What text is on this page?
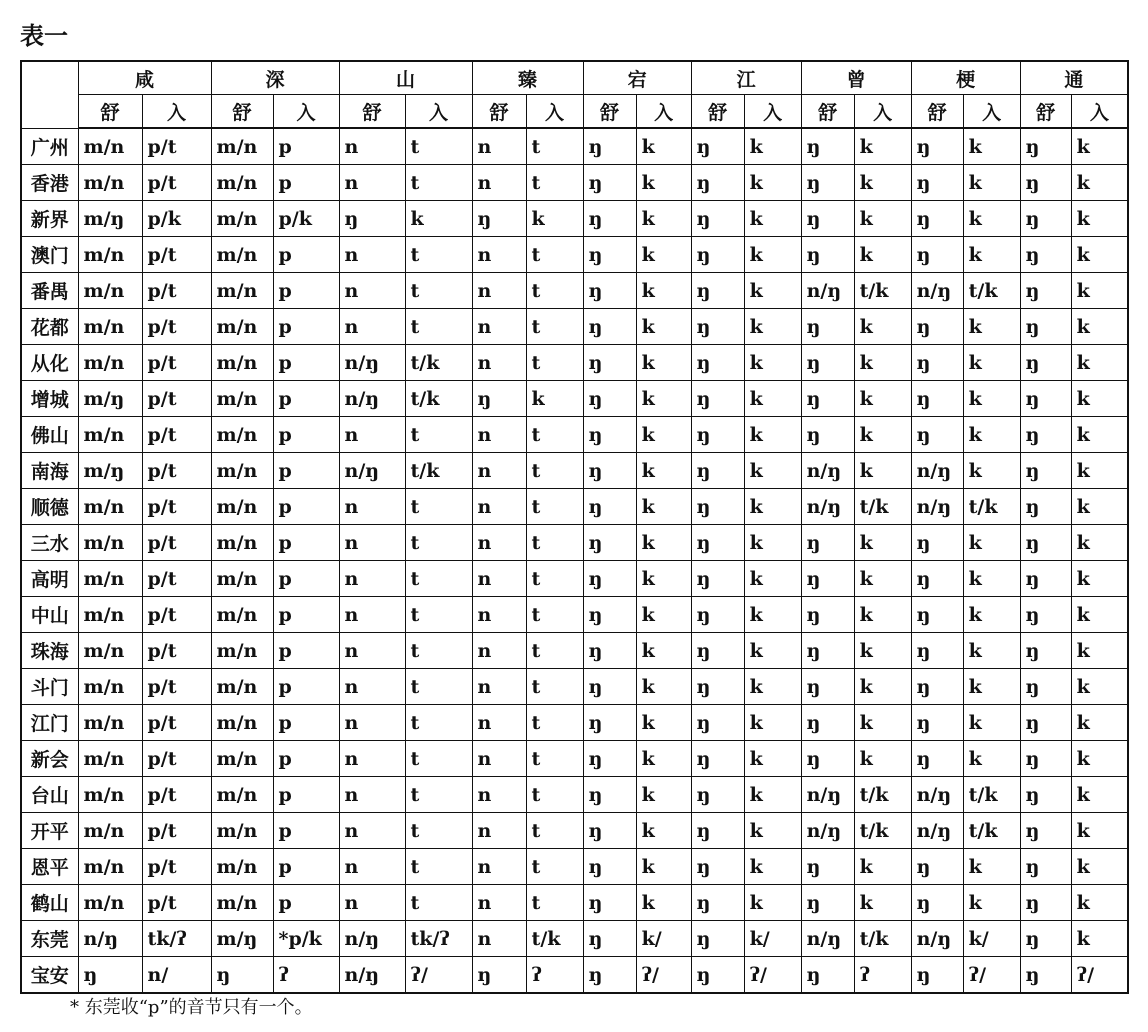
表一
	咸		深		山		臻		宕		江		曾		梗		通	
	舒	入	舒	入	舒	入	舒	入	舒	入	舒	入	舒	入	舒	入	舒	入
广州	m/n	p/t	m/n	p	n	t	n	t	ŋ	k	ŋ	k	ŋ	k	ŋ	k	ŋ	k
香港	m/n	p/t	m/n	p	n	t	n	t	ŋ	k	ŋ	k	ŋ	k	ŋ	k	ŋ	k
新界	m/ŋ	p/k	m/n	p/k	ŋ	k	ŋ	k	ŋ	k	ŋ	k	ŋ	k	ŋ	k	ŋ	k
澳门	m/n	p/t	m/n	p	n	t	n	t	ŋ	k	ŋ	k	ŋ	k	ŋ	k	ŋ	k
番禺	m/n	p/t	m/n	p	n	t	n	t	ŋ	k	ŋ	k	n/ŋ	t/k	n/ŋ	t/k	ŋ	k
花都	m/n	p/t	m/n	p	n	t	n	t	ŋ	k	ŋ	k	ŋ	k	ŋ	k	ŋ	k
从化	m/n	p/t	m/n	p	n/ŋ	t/k	n	t	ŋ	k	ŋ	k	ŋ	k	ŋ	k	ŋ	k
增城	m/ŋ	p/t	m/n	p	n/ŋ	t/k	ŋ	k	ŋ	k	ŋ	k	ŋ	k	ŋ	k	ŋ	k
佛山	m/n	p/t	m/n	p	n	t	n	t	ŋ	k	ŋ	k	ŋ	k	ŋ	k	ŋ	k
南海	m/ŋ	p/t	m/n	p	n/ŋ	t/k	n	t	ŋ	k	ŋ	k	n/ŋ	k	n/ŋ	k	ŋ	k
顺德	m/n	p/t	m/n	p	n	t	n	t	ŋ	k	ŋ	k	n/ŋ	t/k	n/ŋ	t/k	ŋ	k
三水	m/n	p/t	m/n	p	n	t	n	t	ŋ	k	ŋ	k	ŋ	k	ŋ	k	ŋ	k
高明	m/n	p/t	m/n	p	n	t	n	t	ŋ	k	ŋ	k	ŋ	k	ŋ	k	ŋ	k
中山	m/n	p/t	m/n	p	n	t	n	t	ŋ	k	ŋ	k	ŋ	k	ŋ	k	ŋ	k
珠海	m/n	p/t	m/n	p	n	t	n	t	ŋ	k	ŋ	k	ŋ	k	ŋ	k	ŋ	k
斗门	m/n	p/t	m/n	p	n	t	n	t	ŋ	k	ŋ	k	ŋ	k	ŋ	k	ŋ	k
江门	m/n	p/t	m/n	p	n	t	n	t	ŋ	k	ŋ	k	ŋ	k	ŋ	k	ŋ	k
新会	m/n	p/t	m/n	p	n	t	n	t	ŋ	k	ŋ	k	ŋ	k	ŋ	k	ŋ	k
台山	m/n	p/t	m/n	p	n	t	n	t	ŋ	k	ŋ	k	n/ŋ	t/k	n/ŋ	t/k	ŋ	k
开平	m/n	p/t	m/n	p	n	t	n	t	ŋ	k	ŋ	k	n/ŋ	t/k	n/ŋ	t/k	ŋ	k
恩平	m/n	p/t	m/n	p	n	t	n	t	ŋ	k	ŋ	k	ŋ	k	ŋ	k	ŋ	k
鹤山	m/n	p/t	m/n	p	n	t	n	t	ŋ	k	ŋ	k	ŋ	k	ŋ	k	ŋ	k
东莞	n/ŋ	tk/ʔ	m/ŋ	*p/k	n/ŋ	tk/ʔ	n	t/k	ŋ	k/	ŋ	k/	n/ŋ	t/k	n/ŋ	k/	ŋ	k
宝安	ŋ	n/	ŋ	ʔ	n/ŋ	ʔ/	ŋ	ʔ	ŋ	ʔ/	ŋ	ʔ/	ŋ	ʔ	ŋ	ʔ/	ŋ	ʔ/

* 东莞收“p”的音节只有一个。
